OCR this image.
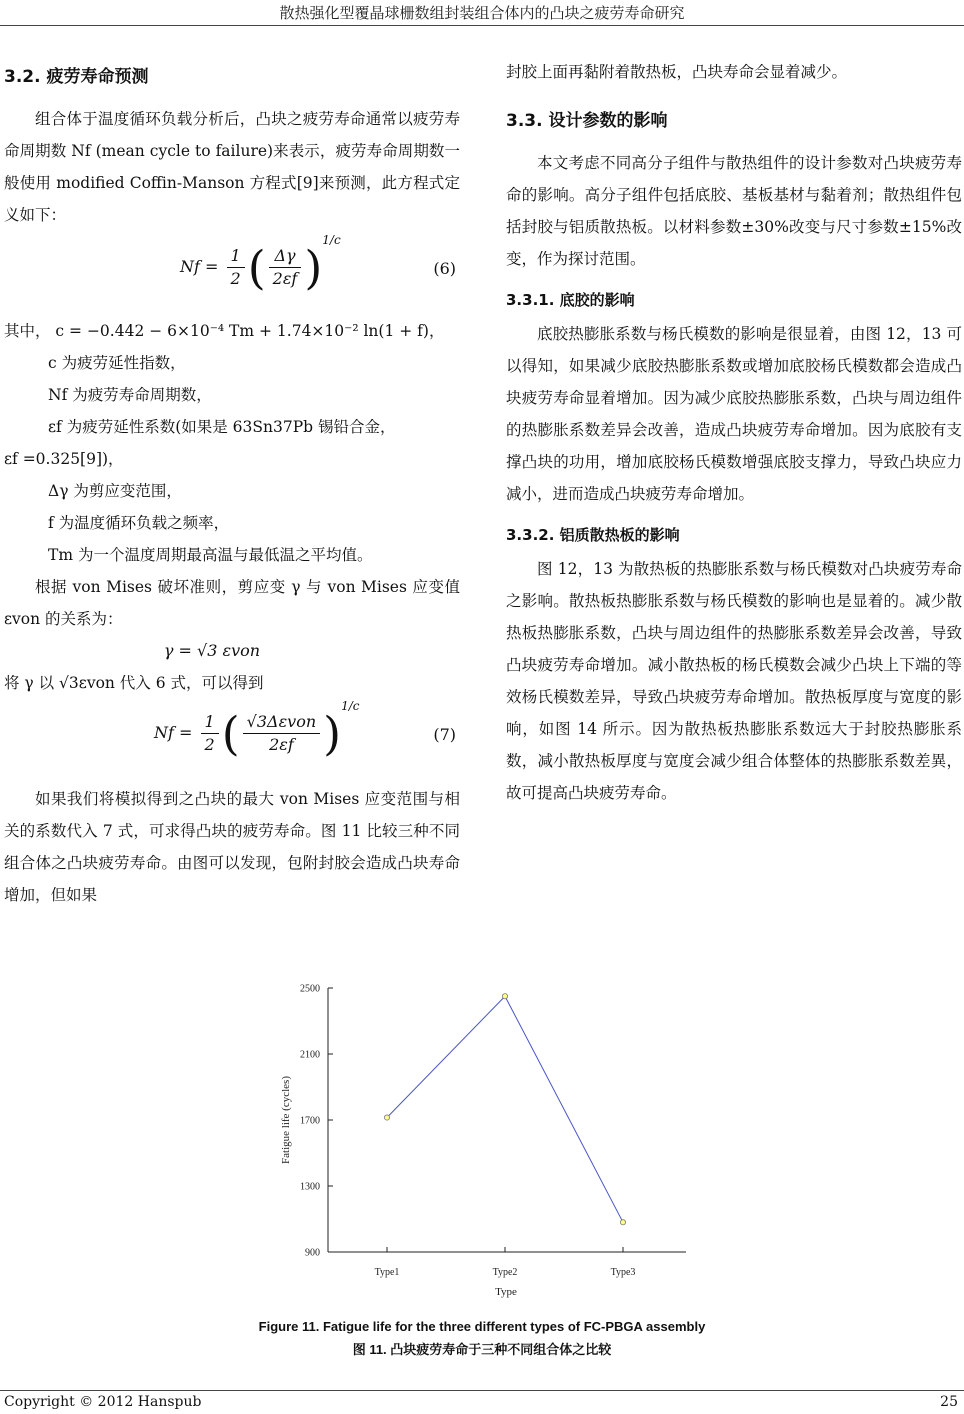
散热强化型覆晶球栅数组封装组合体内的凸块之疲劳寿命研究
3.2. 疲劳寿命预测

组合体于温度循环负载分析后，凸块之疲劳寿命通常以疲劳寿命周期数 Nf (mean cycle to failure)来表示，疲劳寿命周期数一般使用 modified Coffin-Manson 方程式[9]来预测，此方程式定义如下：

$Nf = \frac{1}{2}$ ( $\frac{\Delta\gamma}{2\varepsilon f} )^{1/c}$
(6)

其中， c = −0.442 − 6×10⁻⁴ Tm + 1.74×10⁻² ln(1 + f)，

c 为疲劳延性指数，
Nf 为疲劳寿命周期数，
εf 为疲劳延性系数(如果是 63Sn37Pb 锡铅合金，
εf =0.325[9])，
Δγ 为剪应变范围，
f 为温度循环负载之频率，
Tm 为一个温度周期最高温与最低温之平均值。

根据 von Mises 破坏准则，剪应变 γ 与 von Mises 应变值 εvon 的关系为：

γ = √3 εvon

将 γ 以 √3εvon 代入 6 式，可以得到

$Nf = \frac{1}{2}$ ( $\frac{\text{√3Δεvon}}{2\varepsilon f} )^{1/c}$
(7)

如果我们将模拟得到之凸块的最大 von Mises 应变范围与相关的系数代入 7 式，可求得凸块的疲劳寿命。图 11 比较三种不同组合体之凸块疲劳寿命。由图可以发现，包附封胶会造成凸块寿命增加，但如果

封胶上面再黏附着散热板，凸块寿命会显着减少。

3.3. 设计参数的影响

本文考虑不同高分子组件与散热组件的设计参数对凸块疲劳寿命的影响。高分子组件包括底胶、基板基材与黏着剂；散热组件包括封胶与铝质散热板。以材料参数±30%改变与尺寸参数±15%改变，作为探讨范围。

3.3.1. 底胶的影响

底胶热膨胀系数与杨氏模数的影响是很显着，由图 12，13 可以得知，如果减少底胶热膨胀系数或增加底胶杨氏模数都会造成凸块疲劳寿命显着增加。因为减少底胶热膨胀系数，凸块与周边组件的热膨胀系数差异会改善，造成凸块疲劳寿命增加。因为底胶有支撑凸块的功用，增加底胶杨氏模数增强底胶支撑力，导致凸块应力减小，进而造成凸块疲劳寿命增加。

3.3.2. 铝质散热板的影响

图 12，13 为散热板的热膨胀系数与杨氏模数对凸块疲劳寿命之影响。散热板热膨胀系数与杨氏模数的影响也是显着的。减少散热板热膨胀系数，凸块与周边组件的热膨胀系数差异会改善，导致凸块疲劳寿命增加。减小散热板的杨氏模数会减少凸块上下端的等效杨氏模数差异，导致凸块疲劳寿命增加。散热板厚度与宽度的影响，如图 14 所示。因为散热板热膨胀系数远大于封胶热膨胀系数，减小散热板厚度与宽度会减少组合体整体的热膨胀系数差異，故可提高凸块疲劳寿命。

900
1300
1700
2100
2500
Type1	Type2	Type3
Fatigue life (cycles)
Type
Figure 11. Fatigue life for the three different types of FC-PBGA assembly
图 11. 凸块疲劳寿命于三种不同组合体之比较
Copyright © 2012 Hanspub	25
